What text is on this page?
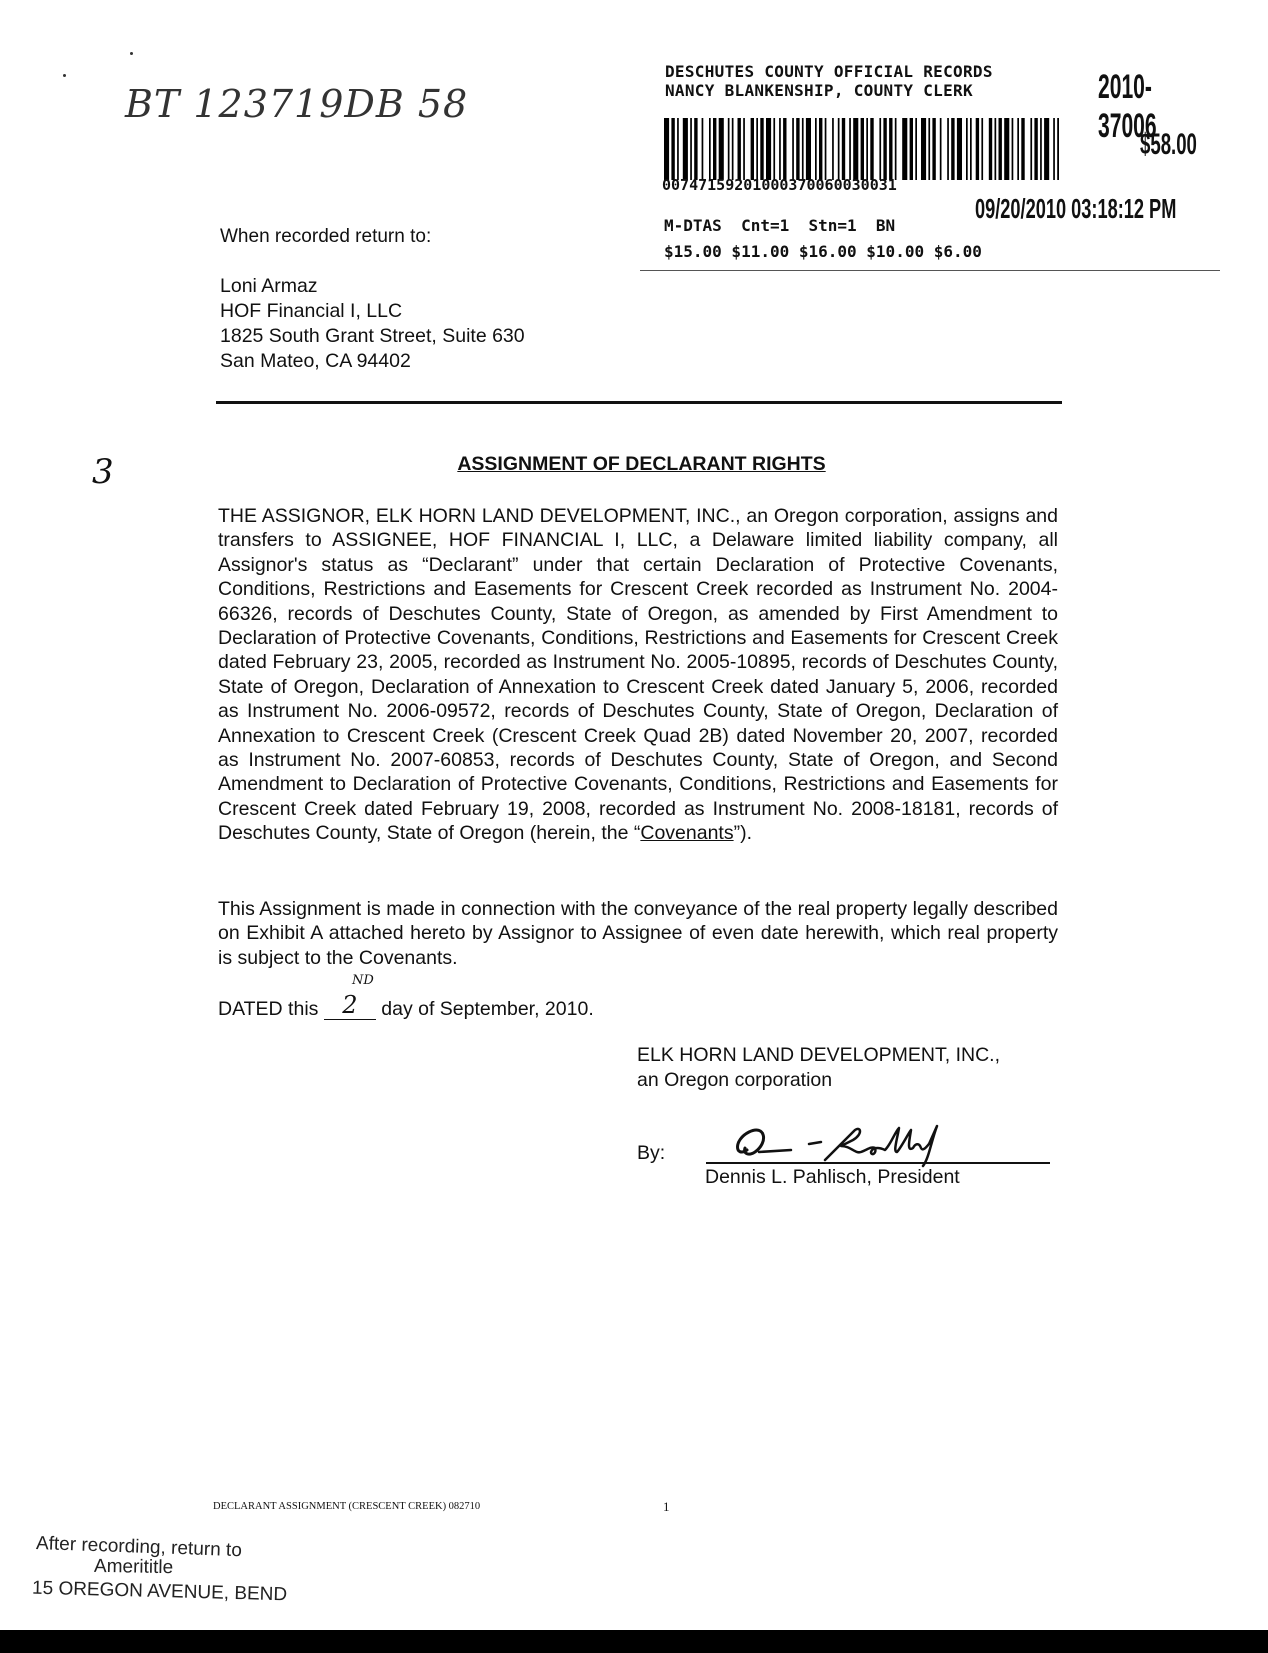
BT 123719DB 58
DESCHUTES COUNTY OFFICIAL RECORDS
NANCY BLANKENSHIP, COUNTY CLERK	2010-37006
$58.00
00747159201000370060030031
09/20/2010 03:18:12 PM
M-DTAS  Cnt=1  Stn=1  BN
$15.00 $11.00 $16.00 $10.00 $6.00
When recorded return to:
Loni Armaz
HOF Financial I, LLC
1825 South Grant Street, Suite 630
San Mateo, CA 94402
3	ASSIGNMENT OF DECLARANT RIGHTS
THE ASSIGNOR, ELK HORN LAND DEVELOPMENT, INC., an Oregon corporation, assigns and transfers to ASSIGNEE, HOF FINANCIAL I, LLC, a Delaware limited liability company, all Assignor's status as “Declarant” under that certain Declaration of Protective Covenants, Conditions, Restrictions and Easements for Crescent Creek recorded as Instrument No. 2004-66326, records of Deschutes County, State of Oregon, as amended by First Amendment to Declaration of Protective Covenants, Conditions, Restrictions and Easements for Crescent Creek dated February 23, 2005, recorded as Instrument No. 2005-10895, records of Deschutes County, State of Oregon, Declaration of Annexation to Crescent Creek dated January 5, 2006, recorded as Instrument No. 2006-09572, records of Deschutes County, State of Oregon, Declaration of Annexation to Crescent Creek (Crescent Creek Quad 2B) dated November 20, 2007, recorded as Instrument No. 2007-60853, records of Deschutes County, State of Oregon, and Second Amendment to Declaration of Protective Covenants, Conditions, Restrictions and Easements for Crescent Creek dated February 19, 2008, recorded as Instrument No. 2008-18181, records of Deschutes County, State of Oregon (herein, the “Covenants”).
This Assignment is made in connection with the conveyance of the real property legally described on Exhibit A attached hereto by Assignor to Assignee of even date herewith, which real property is subject to the Covenants.
DATED this 2 day of September, 2010.
ND
ELK HORN LAND DEVELOPMENT, INC.,
an Oregon corporation
By:
Dennis L. Pahlisch, President
DECLARANT ASSIGNMENT (CRESCENT CREEK) 082710	1
After recording, return to
Amerititle
15 OREGON AVENUE, BEND
